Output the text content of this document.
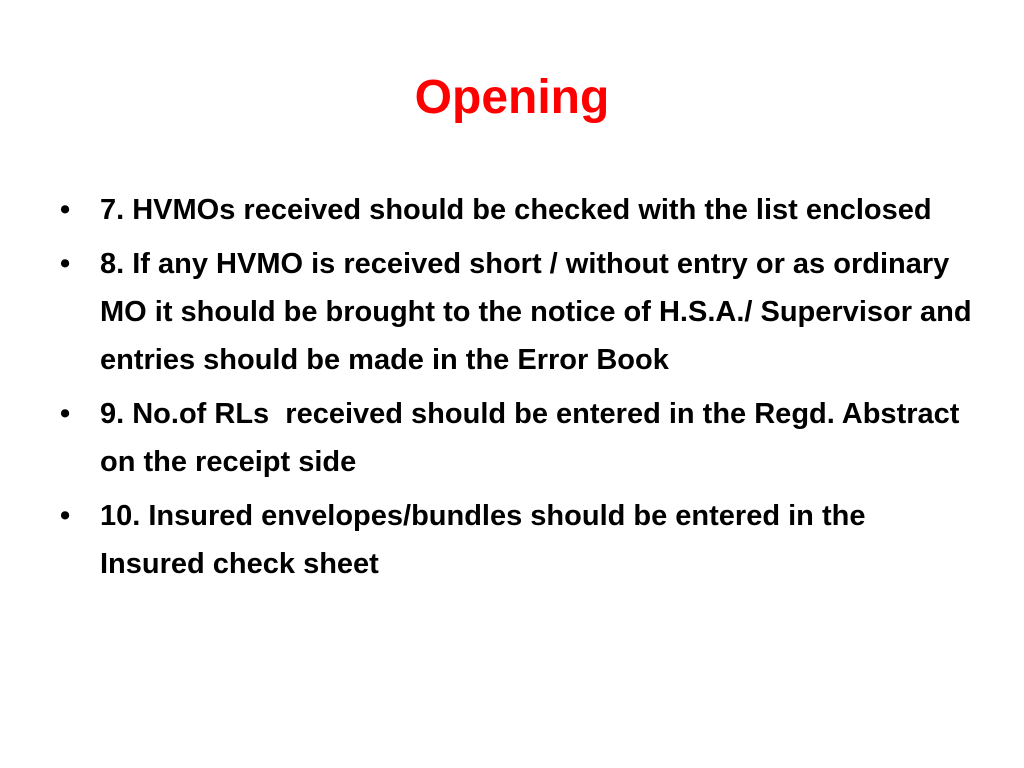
Opening
• 7. HVMOs received should be checked with the list enclosed
• 8. If any HVMO is received short / without entry or as ordinary MO it should be brought to the notice of H.S.A./ Supervisor and entries should be made in the Error Book
• 9. No.of RLs  received should be entered in the Regd. Abstract on the receipt side
• 10. Insured envelopes/bundles should be entered in the Insured check sheet
